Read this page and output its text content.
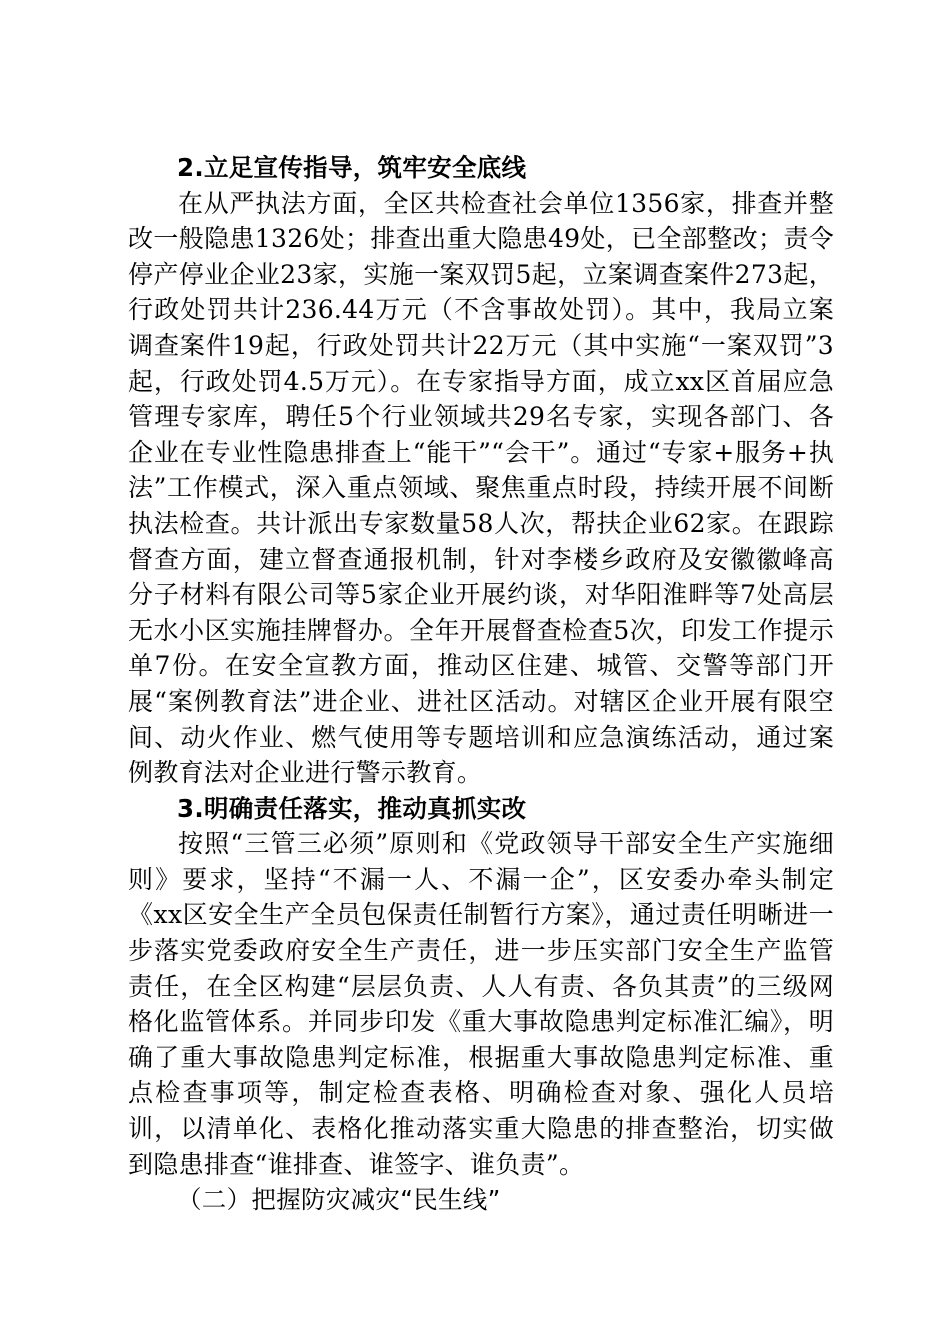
2.立足宣传指导，筑牢安全底线

在从严执法方面，全区共检查社会单位1356家，排查并整改一般隐患1326处；排查出重大隐患49处，已全部整改；责令停产停业企业23家，实施一案双罚5起，立案调查案件273起，行政处罚共计236.44万元（不含事故处罚）。其中，我局立案调查案件19起，行政处罚共计22万元（其中实施“一案双罚”3起，行政处罚4.5万元）。在专家指导方面，成立xx区首届应急管理专家库，聘任5个行业领域共29名专家，实现各部门、各企业在专业性隐患排查上“能干”“会干”。通过“专家+服务+执法”工作模式，深入重点领域、聚焦重点时段，持续开展不间断执法检查。共计派出专家数量58人次，帮扶企业62家。在跟踪督查方面，建立督查通报机制，针对李楼乡政府及安徽徽峰高分子材料有限公司等5家企业开展约谈，对华阳淮畔等7处高层无水小区实施挂牌督办。全年开展督查检查5次，印发工作提示单7份。在安全宣教方面，推动区住建、城管、交警等部门开展“案例教育法”进企业、进社区活动。对辖区企业开展有限空间、动火作业、燃气使用等专题培训和应急演练活动，通过案例教育法对企业进行警示教育。

3.明确责任落实，推动真抓实改

按照“三管三必须”原则和《党政领导干部安全生产实施细则》要求，坚持“不漏一人、不漏一企”，区安委办牵头制定《xx区安全生产全员包保责任制暂行方案》，通过责任明晰进一步落实党委政府安全生产责任，进一步压实部门安全生产监管责任，在全区构建“层层负责、人人有责、各负其责”的三级网格化监管体系。并同步印发《重大事故隐患判定标准汇编》，明确了重大事故隐患判定标准，根据重大事故隐患判定标准、重点检查事项等，制定检查表格、明确检查对象、强化人员培训，以清单化、表格化推动落实重大隐患的排查整治，切实做到隐患排查“谁排查、谁签字、谁负责”。

（二）把握防灾减灾“民生线”
